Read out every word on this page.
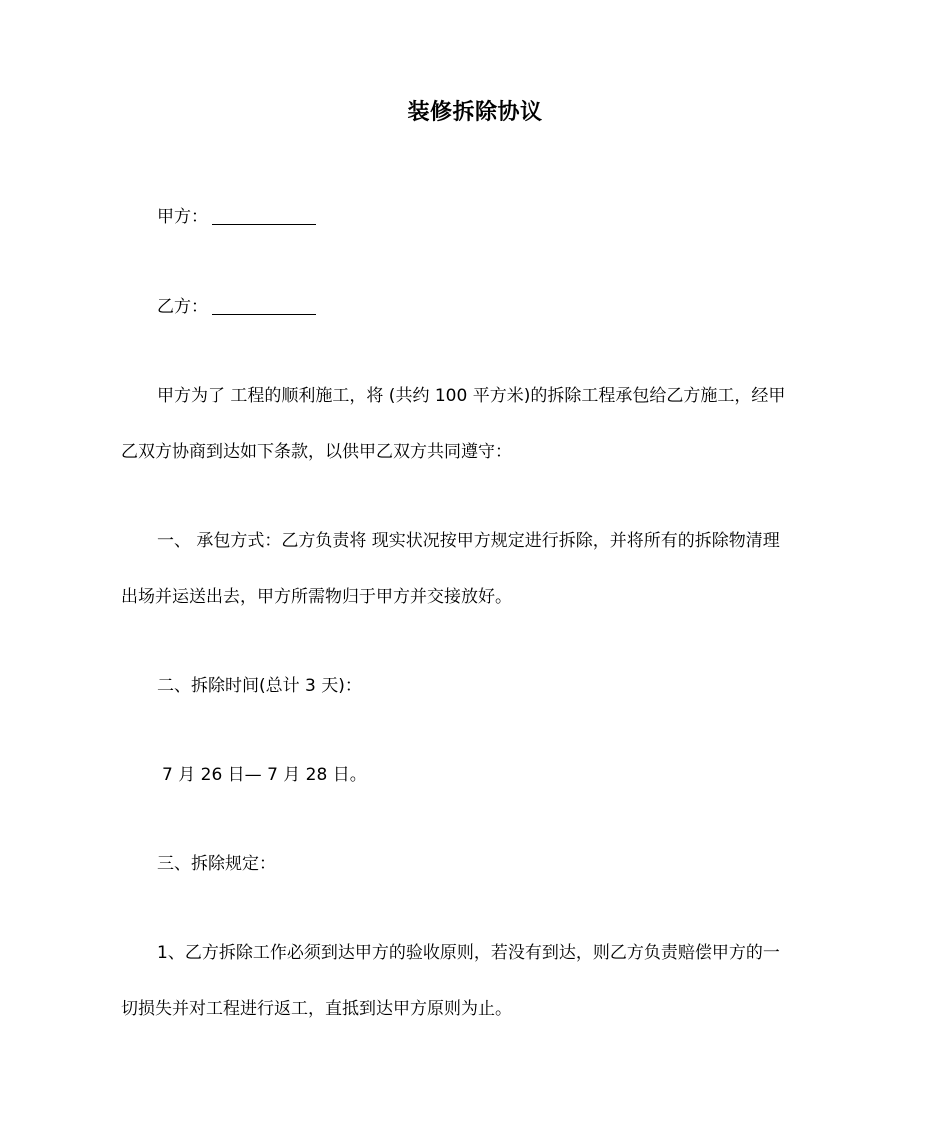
装修拆除协议
甲方：
乙方：
甲方为了 工程的顺利施工，将 (共约 100 平方米)的拆除工程承包给乙方施工，经甲
乙双方协商到达如下条款，以供甲乙双方共同遵守：
一、 承包方式：乙方负责将 现实状况按甲方规定进行拆除，并将所有的拆除物清理
出场并运送出去，甲方所需物归于甲方并交接放好。
二、拆除时间(总计 3 天)：
7 月 26 日— 7 月 28 日。
三、拆除规定：
1、乙方拆除工作必须到达甲方的验收原则，若没有到达，则乙方负责赔偿甲方的一
切损失并对工程进行返工，直抵到达甲方原则为止。
